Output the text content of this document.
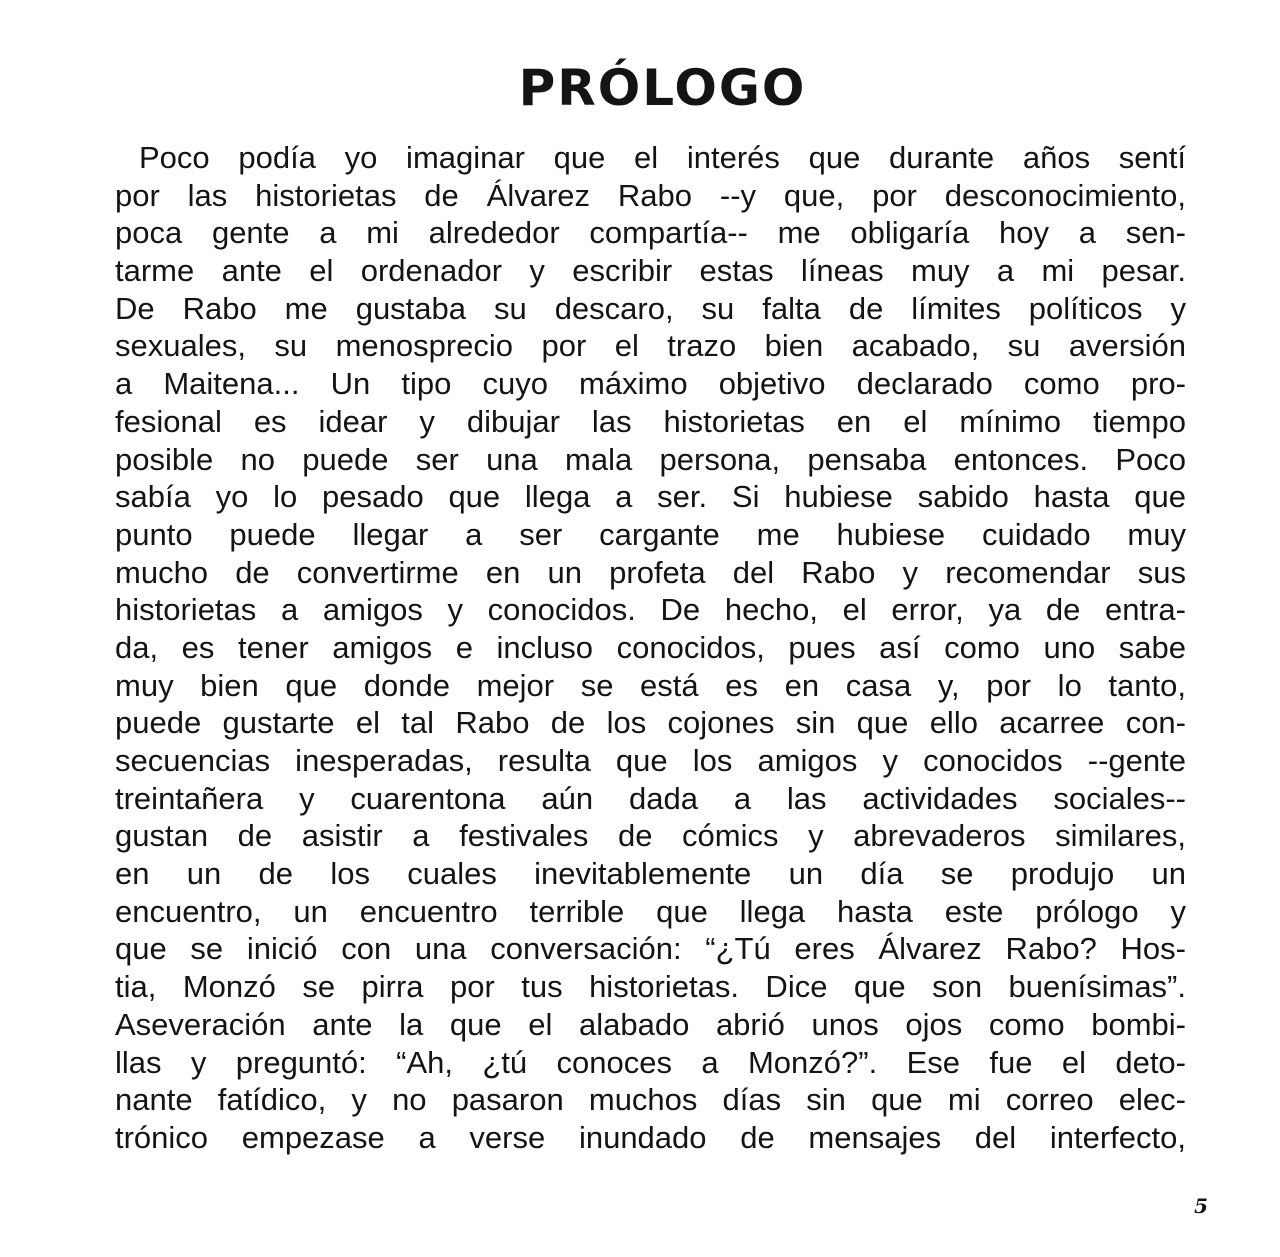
PRÓLOGO
Poco podía yo imaginar que el interés que durante años sentí
por las historietas de Álvarez Rabo --y que, por desconocimiento,
poca gente a mi alrededor compartía-- me obligaría hoy a sen-
tarme ante el ordenador y escribir estas líneas muy a mi pesar.
De Rabo me gustaba su descaro, su falta de límites políticos y
sexuales, su menosprecio por el trazo bien acabado, su aversión
a Maitena... Un tipo cuyo máximo objetivo declarado como pro-
fesional es idear y dibujar las historietas en el mínimo tiempo
posible no puede ser una mala persona, pensaba entonces. Poco
sabía yo lo pesado que llega a ser. Si hubiese sabido hasta que
punto puede llegar a ser cargante me hubiese cuidado muy
mucho de convertirme en un profeta del Rabo y recomendar sus
historietas a amigos y conocidos. De hecho, el error, ya de entra-
da, es tener amigos e incluso conocidos, pues así como uno sabe
muy bien que donde mejor se está es en casa y, por lo tanto,
puede gustarte el tal Rabo de los cojones sin que ello acarree con-
secuencias inesperadas, resulta que los amigos y conocidos --gente
treintañera y cuarentona aún dada a las actividades sociales--
gustan de asistir a festivales de cómics y abrevaderos similares,
en un de los cuales inevitablemente un día se produjo un
encuentro, un encuentro terrible que llega hasta este prólogo y
que se inició con una conversación: “¿Tú eres Álvarez Rabo? Hos-
tia, Monzó se pirra por tus historietas. Dice que son buenísimas”.
Aseveración ante la que el alabado abrió unos ojos como bombi-
llas y preguntó: “Ah, ¿tú conoces a Monzó?”. Ese fue el deto-
nante fatídico, y no pasaron muchos días sin que mi correo elec-
trónico empezase a verse inundado de mensajes del interfecto,
5
